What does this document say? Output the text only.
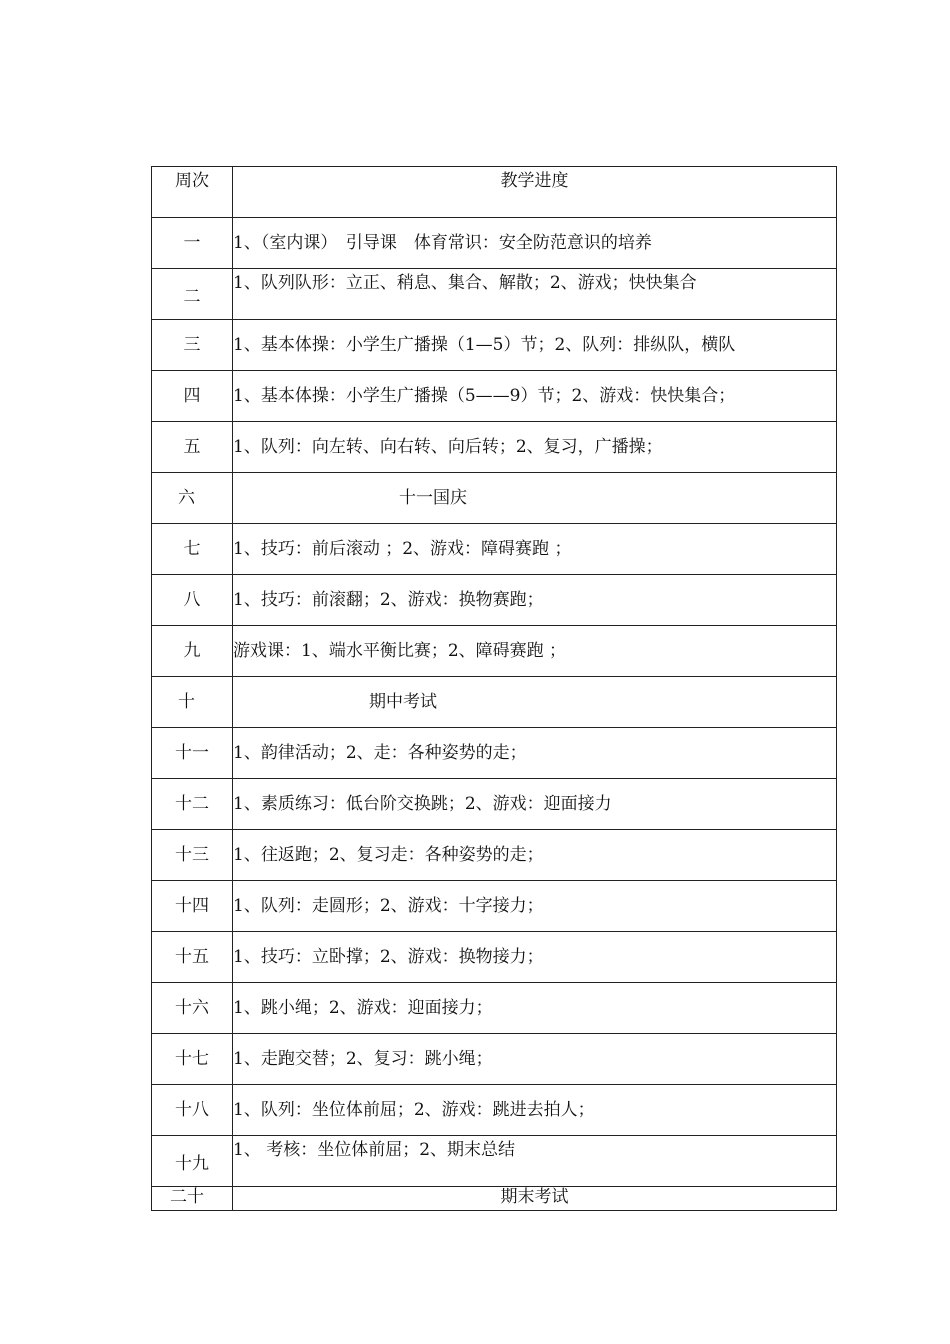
周次	教学进度
一	1、（室内课）　引导课　体育常识：安全防范意识的培养
二	1、队列队形：立正、稍息、集合、解散；2、游戏；快快集合
三	1、基本体操：小学生广播操（1—5）节；2、队列：排纵队，横队
四	1、基本体操：小学生广播操（5——9）节；2、游戏：快快集合；
五	1、队列：向左转、向右转、向后转；2、复习，广播操；
六	十一国庆
七	1、技巧：前后滚动 ；2、游戏：障碍赛跑 ；
八	1、技巧：前滚翻；2、游戏：换物赛跑；
九	游戏课：1、端水平衡比赛；2、障碍赛跑 ；
十	期中考试
十一	1、韵律活动；2、走：各种姿势的走；
十二	1、素质练习：低台阶交换跳；2、游戏：迎面接力
十三	1、往返跑；2、复习走：各种姿势的走；
十四	1、队列：走圆形；2、游戏：十字接力；
十五	1、技巧：立卧撑；2、游戏：换物接力；
十六	1、跳小绳；2、游戏：迎面接力；
十七	1、走跑交替；2、复习：跳小绳；
十八	1、队列：坐位体前屈；2、游戏：跳进去拍人；
十九	1、 考核：坐位体前屈；2、期末总结
二十	期末考试
